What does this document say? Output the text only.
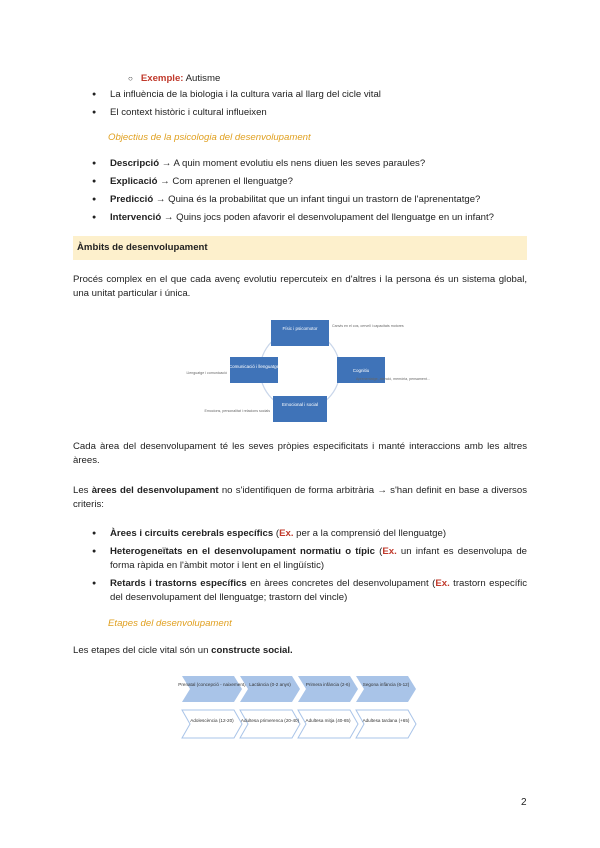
○ Exemple: Autisme
● La influència de la biologia i la cultura varia al llarg del cicle vital
● El context històric i cultural influeixen
Objectius de la psicologia del desenvolupament
● Descripció → A quin moment evolutiu els nens diuen les seves paraules?
● Explicació → Com aprenen el llenguatge?
● Predicció → Quina és la probabilitat que un infant tingui un trastorn de l'aprenentatge?
● Intervenció → Quins jocs poden afavorir el desenvolupament del llenguatge en un infant?
Àmbits de desenvolupament
Procés complex en el que cada avenç evolutiu repercuteix en d'altres i la persona és un sistema global, una unitat particular i única.
Físic i psicomotor
Cognitiu
Emocional i social
Comunicació i llenguatge
Canvis en el cos, cervell i capacitats motores
Aprenentatge, atenció, memòria, pensament...
Emocions, personalitat i relacions socials
Llenguatge i comunicació
Cada àrea del desenvolupament té les seves pròpies especificitats i manté interaccions amb les altres àrees.
Les àrees del desenvolupament no s'identifiquen de forma arbitrària → s'han definit en base a diversos criteris:
● Àrees i circuits cerebrals específics (Ex. per a la comprensió del llenguatge)
● Heterogeneïtats en el desenvolupament normatiu o típic (Ex. un infant es desenvolupa de forma ràpida en l'àmbit motor i lent en el lingüístic)
● Retards i trastorns específics en àrees concretes del desenvolupament (Ex. trastorn específic del desenvolupament del llenguatge; trastorn del vincle)
Etapes del desenvolupament
Les etapes del cicle vital són un constructe social.
Prenatal (concepció - naixement) Lactància (0-2 anys)	Primera infància (2-6)	Segona infància (6-12)
Adolescència (12-20) Adultesa primerenca (20-40) Adultesa mitja (40-65)	Adultesa tardana (+65)
2
